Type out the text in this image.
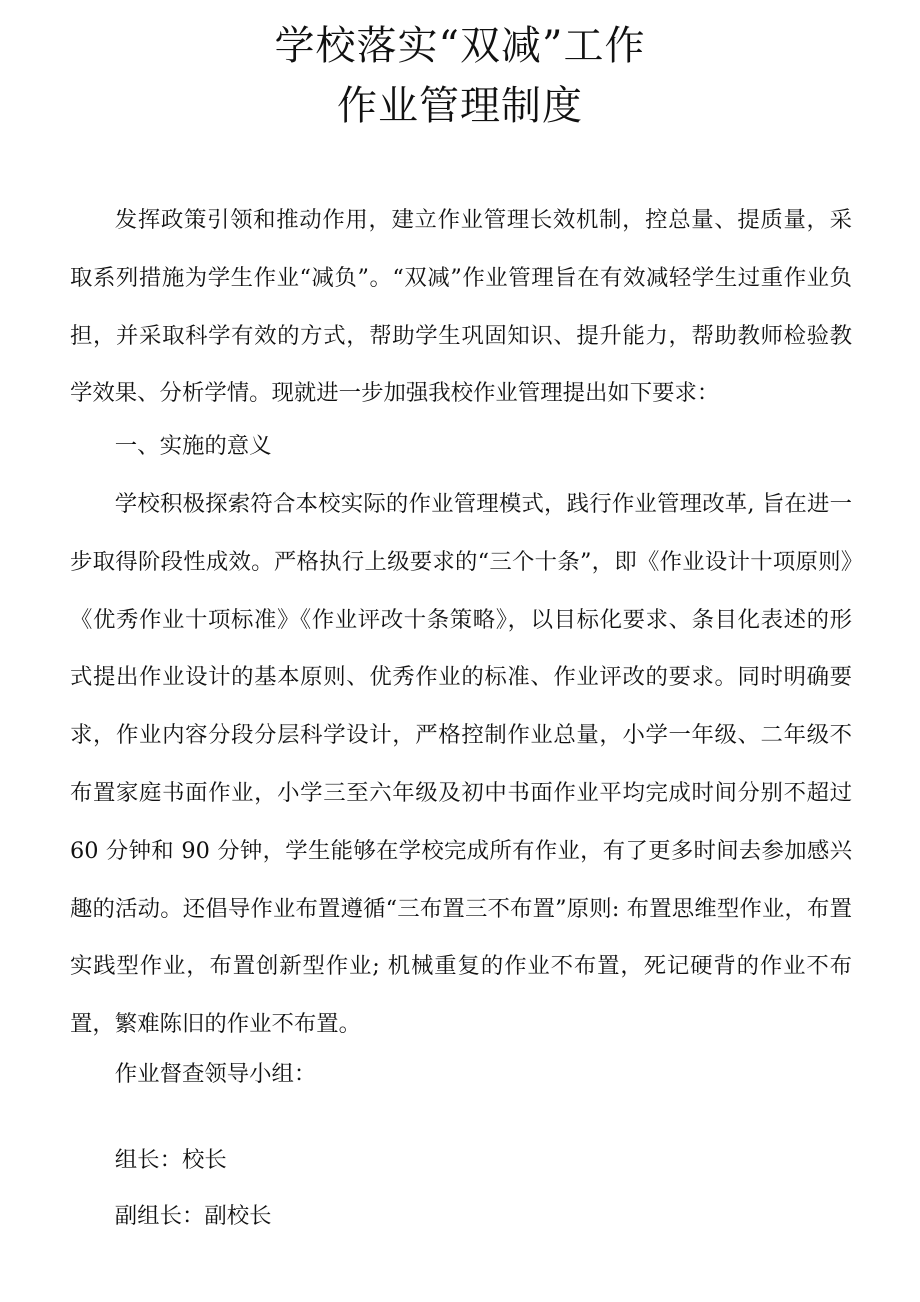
学校落实“双减”工作
作业管理制度

发挥政策引领和推动作用，建立作业管理长效机制，控总量、提质量，采取系列措施为学生作业“减负”。“双减”作业管理旨在有效减轻学生过重作业负担，并采取科学有效的方式，帮助学生巩固知识、提升能力，帮助教师检验教学效果、分析学情。现就进一步加强我校作业管理提出如下要求：

一、实施的意义

学校积极探索符合本校实际的作业管理模式，践行作业管理改革, 旨在进一步取得阶段性成效。严格执行上级要求的“三个十条”，即《作业设计十项原则》《优秀作业十项标准》《作业评改十条策略》，以目标化要求、条目化表述的形式提出作业设计的基本原则、优秀作业的标准、作业评改的要求。同时明确要求，作业内容分段分层科学设计，严格控制作业总量，小学一年级、二年级不布置家庭书面作业，小学三至六年级及初中书面作业平均完成时间分别不超过 60 分钟和 90 分钟，学生能够在学校完成所有作业，有了更多时间去参加感兴趣的活动。还倡导作业布置遵循“三布置三不布置”原则: 布置思维型作业，布置实践型作业，布置创新型作业; 机械重复的作业不布置，死记硬背的作业不布置，繁难陈旧的作业不布置。

作业督查领导小组：

组长：校长

副组长：副校长
